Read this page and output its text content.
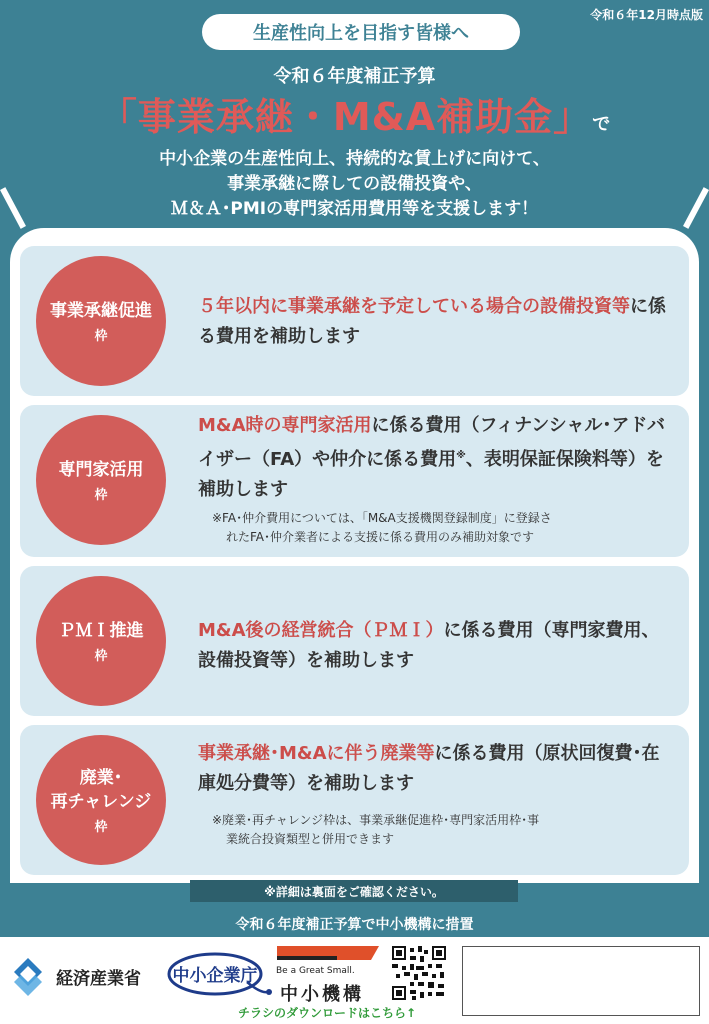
令和６年12月時点版
生産性向上を目指す皆様へ
令和６年度補正予算
「事業承継・M&A補助金」で
中小企業の生産性向上、持続的な賃上げに向けて、
事業承継に際しての設備投資や、
Ｍ＆Ａ･PMIの専門家活用費用等を支援します！
事業承継促進
枠
５年以内に事業承継を予定している場合の設備投資等に係る費用を補助します
専門家活用
枠
M&A時の専門家活用に係る費用（フィナンシャル･アドバイザー（FA）や仲介に係る費用※、表明保証保険料等）を補助します
※FA･仲介費用については、「M&A支援機関登録制度」に登録さ
れたFA･仲介業者による支援に係る費用のみ補助対象です
ＰＭＩ推進
枠
M&A後の経営統合（ＰＭＩ）に係る費用（専門家費用、設備投資等）を補助します
廃業･
再チャレンジ
枠
事業承継･M&Aに伴う廃業等に係る費用（原状回復費･在庫処分費等）を補助します
※廃業･再チャレンジ枠は、事業承継促進枠･専門家活用枠･事
業統合投資類型と併用できます
※詳細は裏面をご確認ください。
令和６年度補正予算で中小機構に措置
経済産業省 中小企業庁 Be a Great Small.
中小機構
チラシのダウンロードはこちら↑
